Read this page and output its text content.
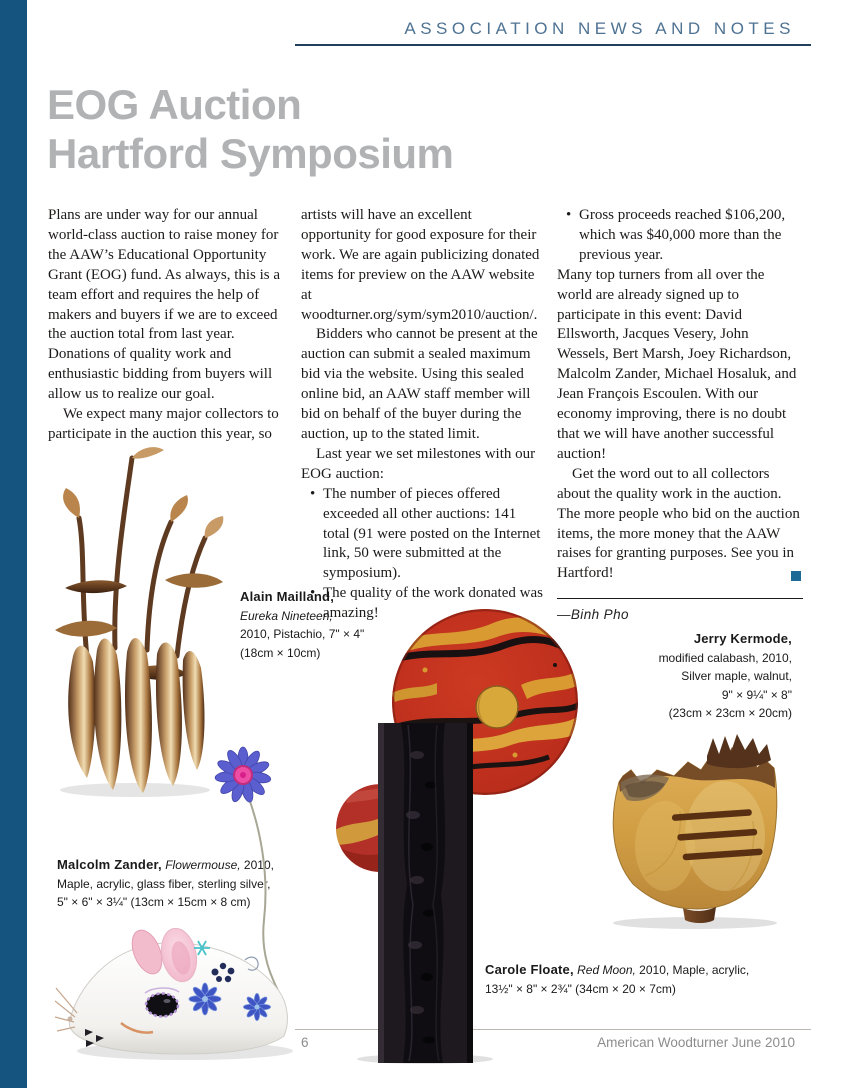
ASSOCIATION NEWS AND NOTES
EOG Auction
Hartford Symposium

Plans are under way for our annual world-class auction to raise money for the AAW’s Educational Opportunity Grant (EOG) fund. As always, this is a team effort and requires the help of makers and buyers if we are to exceed the auction total from last year. Donations of quality work and enthusiastic bidding from buyers will allow us to realize our goal.

We expect many major collectors to participate in the auction this year, so

artists will have an excellent opportunity for good exposure for their work. We are again publicizing donated items for preview on the AAW website at woodturner.org/sym/sym2010/auction/.

Bidders who cannot be present at the auction can submit a sealed maximum bid via the website. Using this sealed online bid, an AAW staff member will bid on behalf of the buyer during the auction, up to the stated limit.

Last year we set milestones with our EOG auction:

• The number of pieces offered exceeded all other auctions: 141 total (91 were posted on the Internet link, 50 were submitted at the symposium).
• The quality of the work donated was amazing!
• Gross proceeds reached $106,200, which was $40,000 more than the previous year.

Many top turners from all over the world are already signed up to participate in this event: David Ellsworth, Jacques Vesery, John Wessels, Bert Marsh, Joey Richardson, Malcolm Zander, Michael Hosaluk, and Jean François Escoulen. With our economy improving, there is no doubt that we will have another successful auction!

Get the word out to all collectors about the quality work in the auction. The more people who bid on the auction items, the more money that the AAW raises for granting purposes. See you in Hartford!

—Binh Pho
Alain Mailland,
Eureka Nineteen,
2010, Pistachio, 7" × 4"
(18cm × 10cm)
Jerry Kermode,
modified calabash, 2010,
Silver maple, walnut,
9" × 9¼" × 8"
(23cm × 23cm × 20cm)
Malcolm Zander, Flowermouse, 2010,
Maple, acrylic, glass fiber, sterling silver,
5" × 6" × 3¼" (13cm × 15cm × 8 cm)
Carole Floate, Red Moon, 2010, Maple, acrylic,
13½" × 8" × 2¾" (34cm × 20 × 7cm)
6	American Woodturner June 2010
